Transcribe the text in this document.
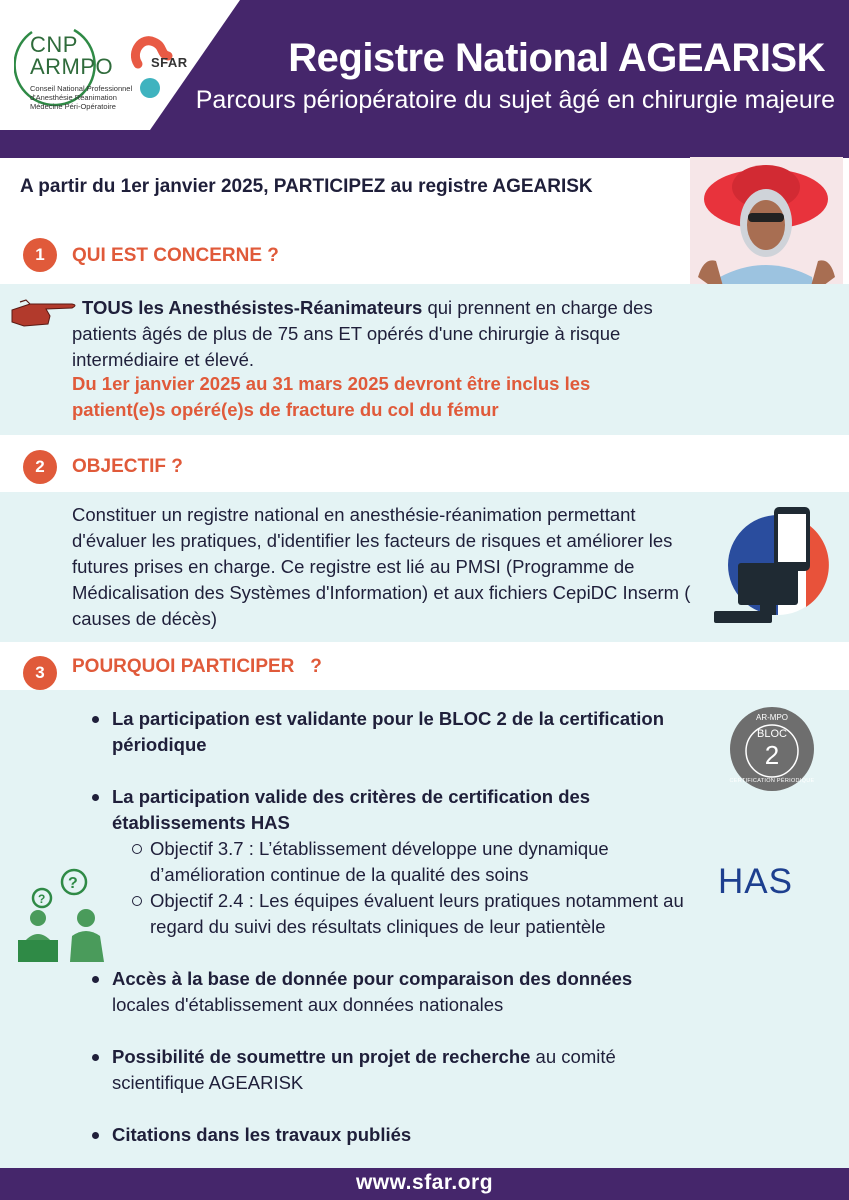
CNP
ARMPO
Conseil National Professionnel d'Anesthésie Réanimation Médecine Péri-Opératoire
SFAR	Registre National AGEARISK
Parcours périopératoire du sujet âgé en chirurgie majeure
A partir du 1er janvier 2025, PARTICIPEZ au registre AGEARISK
1	QUI EST CONCERNE ?
TOUS les Anesthésistes-Réanimateurs qui prennent en charge des patients âgés de plus de 75 ans ET opérés d'une chirurgie à risque intermédiaire et élevé.
Du 1er janvier 2025 au 31 mars 2025 devront être inclus les patient(e)s opéré(e)s de fracture du col du fémur
2	OBJECTIF ?
Constituer un registre national en anesthésie-réanimation permettant d'évaluer les pratiques, d'identifier les facteurs de risques et améliorer les futures prises en charge. Ce registre est lié au PMSI (Programme de Médicalisation des Systèmes d'Information) et aux fichiers CepiDC Inserm ( causes de décès)
3	POURQUOI PARTICIPER   ?
La participation est validante pour le BLOC 2 de la certification périodique
La participation valide des critères de certification des établissements HAS
Objectif 3.7 : L’établissement développe une dynamique d’amélioration continue de la qualité des soins
Objectif 2.4 : Les équipes évaluent leurs pratiques notamment au regard du suivi des résultats cliniques de leur patientèle
Accès à la base de donnée pour comparaison des données locales d'établissement aux données nationales
Possibilité de soumettre un projet de recherche au comité scientifique AGEARISK
Citations dans les travaux publiés
AR-MPO
BLOC
2
CERTIFICATION PÉRIODIQUE
HAS
?
?
www.sfar.org
